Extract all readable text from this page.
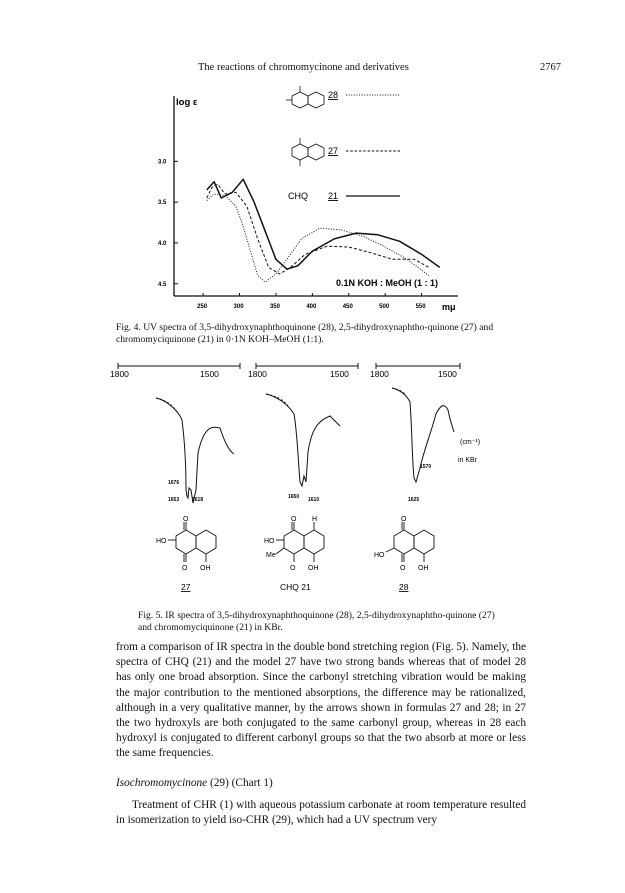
The reactions of chromomycinone and derivatives	2767
log ε
4.5
4.0
3.5
3.0
250	300	350	400	450	500	550
28
27
CHQ 21
0.1N KOH : MeOH (1 : 1)
mμ
Fig. 4. UV spectra of 3,5-dihydroxynaphthoquinone (28), 2,5-dihydroxynaphtho-quinone (27) and chromomyciquinone (21) in 0·1N KOH–MeOH (1:1).
1800	1500	1800	1500 1800	1500
1676
1653	1618	1650 1610
1570
1625
(cm⁻¹)
in KBr
O
HO
O OH
O H
HO
Me
O OH
O
HO
O OH
27	CHQ 21	28
Fig. 5. IR spectra of 3,5-dihydroxynaphthoquinone (28), 2,5-dihydroxynaphtho-quinone (27) and chromomyciquinone (21) in KBr.
from a comparison of IR spectra in the double bond stretching region (Fig. 5). Namely, the spectra of CHQ (21) and the model 27 have two strong bands whereas that of model 28 has only one broad absorption. Since the carbonyl stretching vibration would be making the major contribution to the mentioned absorptions, the difference may be rationalized, although in a very qualitative manner, by the arrows shown in formulas 27 and 28; in 27 the two hydroxyls are both conjugated to the same carbonyl group, whereas in 28 each hydroxyl is conjugated to different carbonyl groups so that the two absorb at more or less the same frequencies.
Isochromomycinone (29) (Chart 1)
Treatment of CHR (1) with aqueous potassium carbonate at room temperature resulted in isomerization to yield iso-CHR (29), which had a UV spectrum very
